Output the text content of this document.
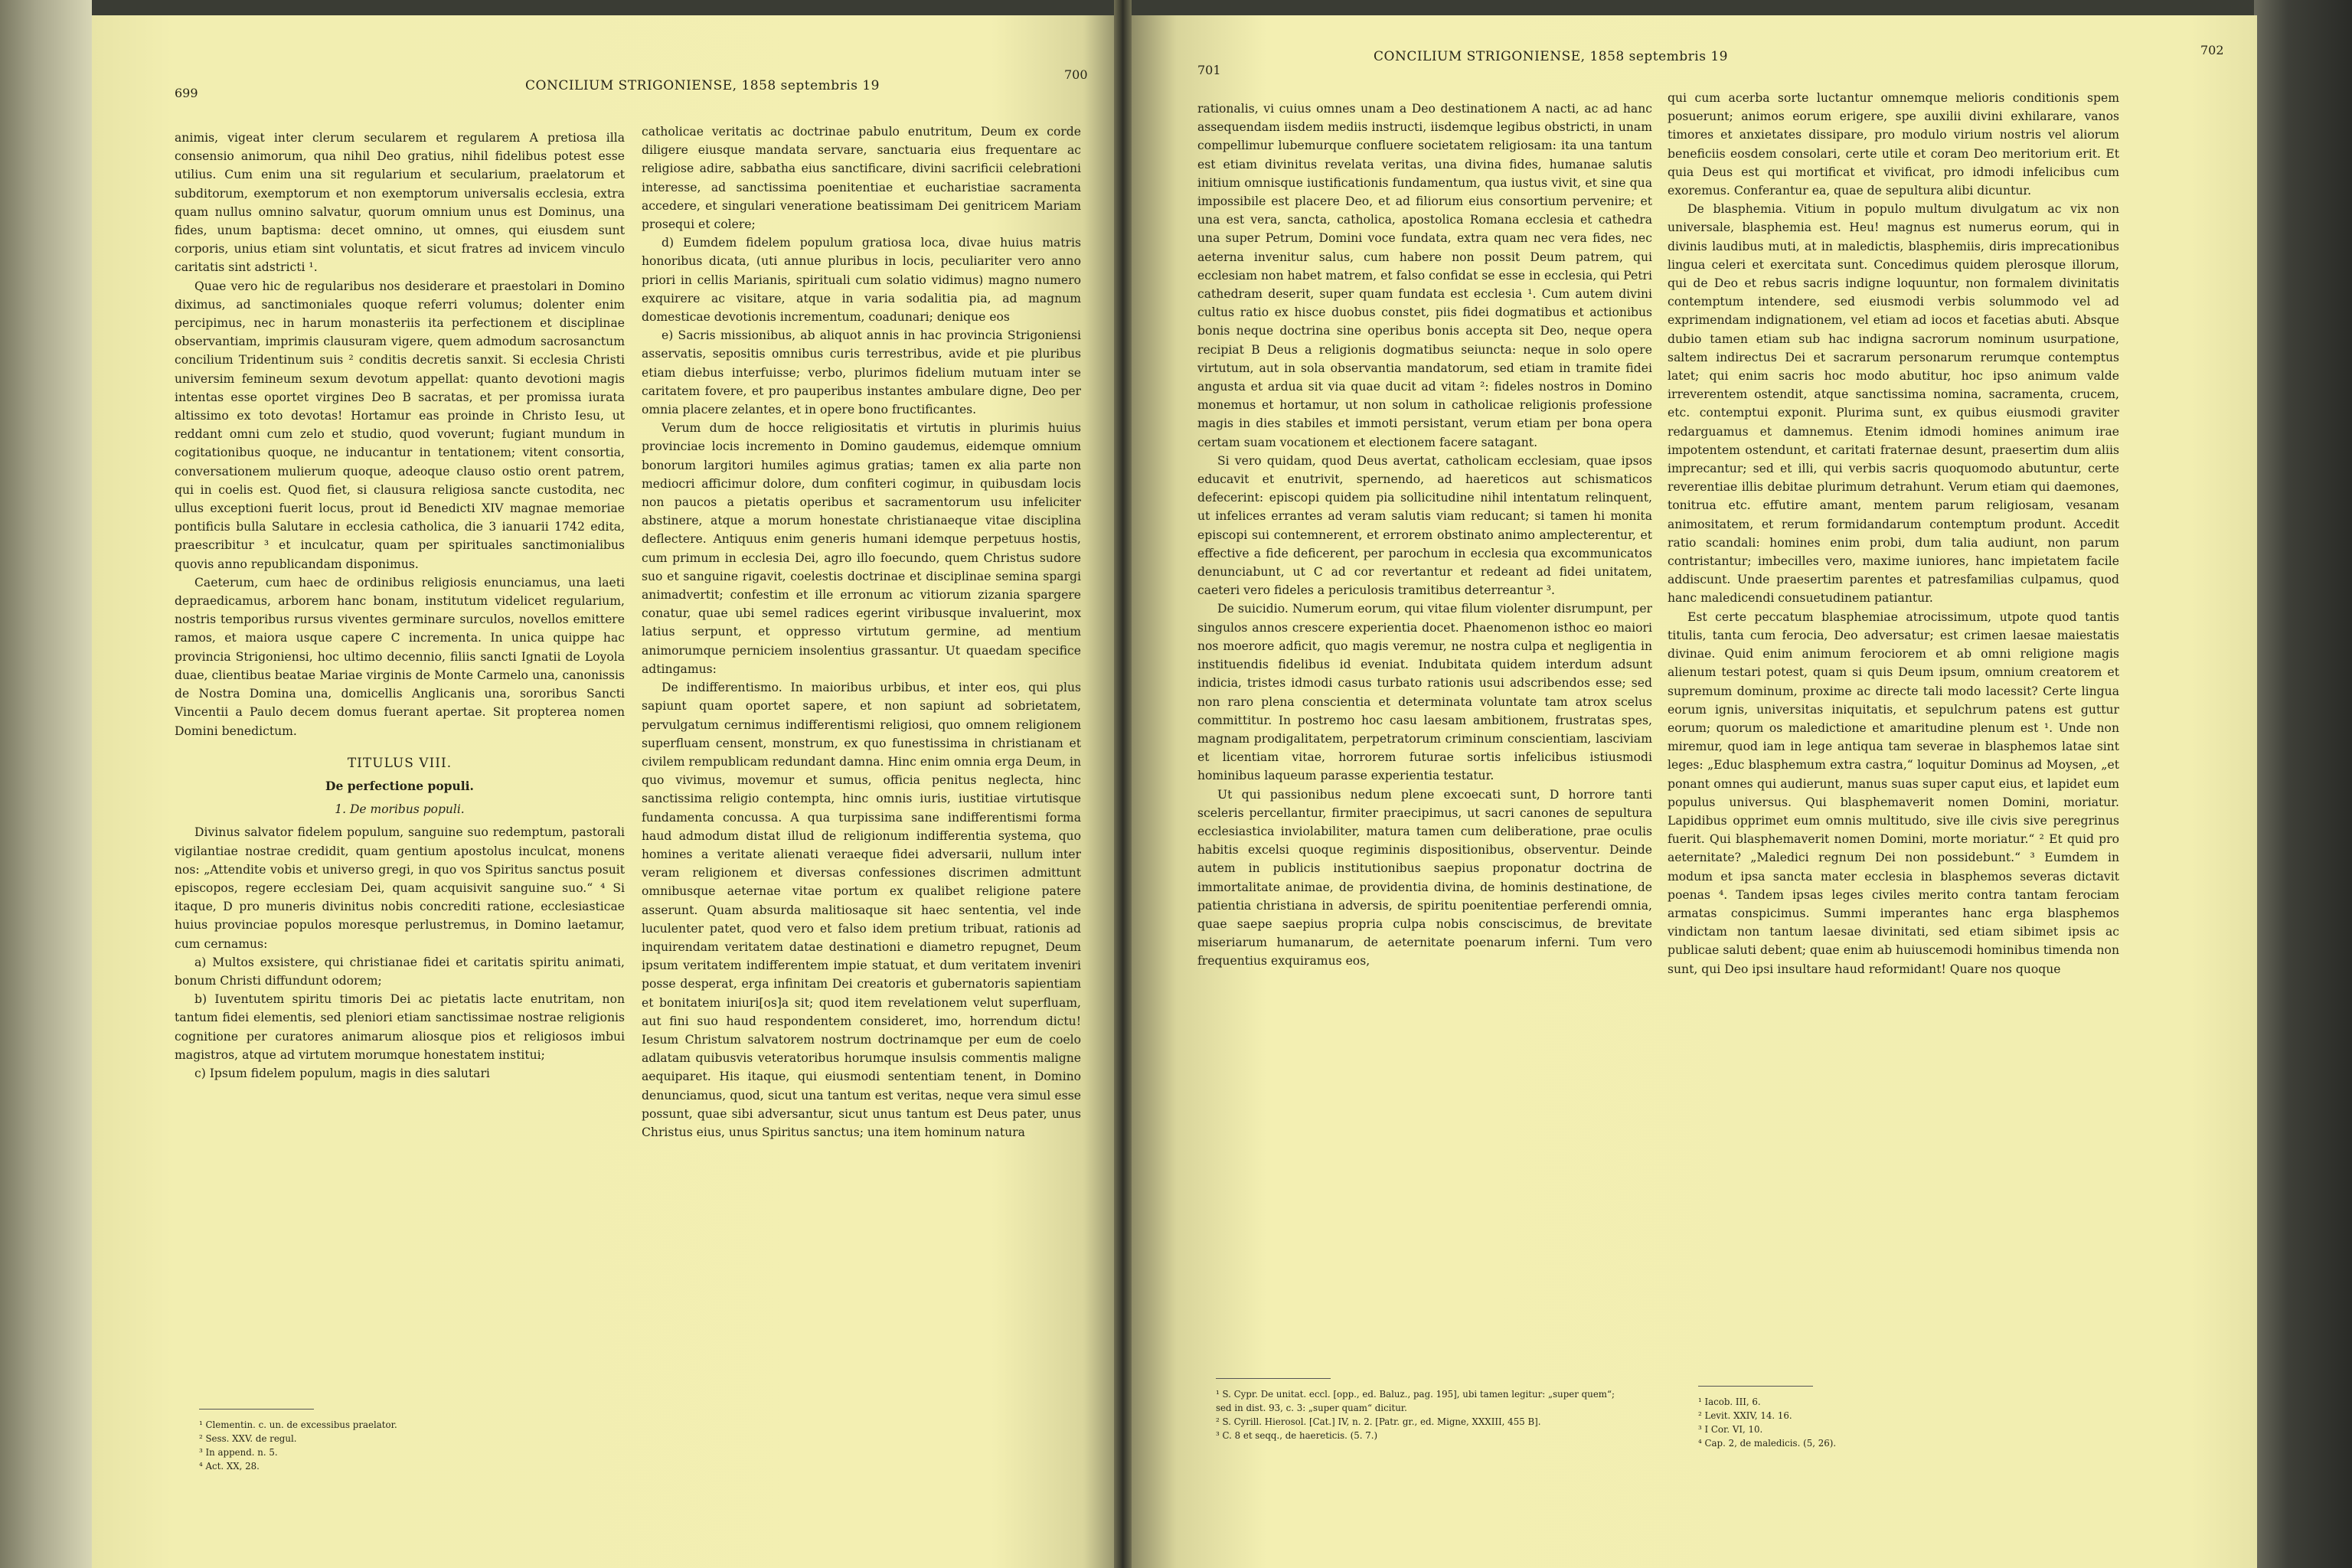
699	CONCILIUM STRIGONIENSE, 1858 septembris 19
700

animis, vigeat inter clerum secularem et regularem A pretiosa illa consensio animorum, qua nihil Deo gratius, nihil fidelibus potest esse utilius. Cum enim una sit regularium et secularium, praelatorum et subditorum, exemptorum et non exemptorum universalis ecclesia, extra quam nullus omnino salvatur, quorum omnium unus est Dominus, una fides, unum baptisma: decet omnino, ut omnes, qui eiusdem sunt corporis, unius etiam sint voluntatis, et sicut fratres ad invicem vinculo caritatis sint adstricti ¹.

Quae vero hic de regularibus nos desiderare et praestolari in Domino diximus, ad sanctimoniales quoque referri volumus; dolenter enim percipimus, nec in harum monasteriis ita perfectionem et disciplinae observantiam, imprimis clausuram vigere, quem admodum sacrosanctum concilium Tridentinum suis ² conditis decretis sanxit. Si ecclesia Christi universim femineum sexum devotum appellat: quanto devotioni magis intentas esse oportet virgines Deo B sacratas, et per promissa iurata altissimo ex toto devotas! Hortamur eas proinde in Christo Iesu, ut reddant omni cum zelo et studio, quod voverunt; fugiant mundum in cogitationibus quoque, ne inducantur in tentationem; vitent consortia, conversationem mulierum quoque, adeoque clauso ostio orent patrem, qui in coelis est. Quod fiet, si clausura religiosa sancte custodita, nec ullus exceptioni fuerit locus, prout id Benedicti XIV magnae memoriae pontificis bulla Salutare in ecclesia catholica, die 3 ianuarii 1742 edita, praescribitur ³ et inculcatur, quam per spirituales sanctimonialibus quovis anno republicandam disponimus.

Caeterum, cum haec de ordinibus religiosis enunciamus, una laeti depraedicamus, arborem hanc bonam, institutum videlicet regularium, nostris temporibus rursus viventes germinare surculos, novellos emittere ramos, et maiora usque capere C incrementa. In unica quippe hac provincia Strigoniensi, hoc ultimo decennio, filiis sancti Ignatii de Loyola duae, clientibus beatae Mariae virginis de Monte Carmelo una, canonissis de Nostra Domina una, domicellis Anglicanis una, sororibus Sancti Vincentii a Paulo decem domus fuerant apertae. Sit propterea nomen Domini benedictum.

TITULUS VIII.
De perfectione populi.
1. De moribus populi.

Divinus salvator fidelem populum, sanguine suo redemptum, pastorali vigilantiae nostrae credidit, quam gentium apostolus inculcat, monens nos: „Attendite vobis et universo gregi, in quo vos Spiritus sanctus posuit episcopos, regere ecclesiam Dei, quam acquisivit sanguine suo.“ ⁴ Si itaque, D pro muneris divinitus nobis concrediti ratione, ecclesiasticae huius provinciae populos moresque perlustremus, in Domino laetamur, cum cernamus:

a) Multos exsistere, qui christianae fidei et caritatis spiritu animati, bonum Christi diffundunt odorem;

b) Iuventutem spiritu timoris Dei ac pietatis lacte enutritam, non tantum fidei elementis, sed pleniori etiam sanctissimae nostrae religionis cognitione per curatores animarum aliosque pios et religiosos imbui magistros, atque ad virtutem morumque honestatem institui;

c) Ipsum fidelem populum, magis in dies salutari

catholicae veritatis ac doctrinae pabulo enutritum, Deum ex corde diligere eiusque mandata servare, sanctuaria eius frequentare ac religiose adire, sabbatha eius sanctificare, divini sacrificii celebrationi interesse, ad sanctissima poenitentiae et eucharistiae sacramenta accedere, et singulari veneratione beatissimam Dei genitricem Mariam prosequi et colere;

d) Eumdem fidelem populum gratiosa loca, divae huius matris honoribus dicata, (uti annue pluribus in locis, peculiariter vero anno priori in cellis Marianis, spirituali cum solatio vidimus) magno numero exquirere ac visitare, atque in varia sodalitia pia, ad magnum domesticae devotionis incrementum, coadunari; denique eos

e) Sacris missionibus, ab aliquot annis in hac provincia Strigoniensi asservatis, sepositis omnibus curis terrestribus, avide et pie pluribus etiam diebus interfuisse; verbo, plurimos fidelium mutuam inter se caritatem fovere, et pro pauperibus instantes ambulare digne, Deo per omnia placere zelantes, et in opere bono fructificantes.

Verum dum de hocce religiositatis et virtutis in plurimis huius provinciae locis incremento in Domino gaudemus, eidemque omnium bonorum largitori humiles agimus gratias; tamen ex alia parte non mediocri afficimur dolore, dum confiteri cogimur, in quibusdam locis non paucos a pietatis operibus et sacramentorum usu infeliciter abstinere, atque a morum honestate christianaeque vitae disciplina deflectere. Antiquus enim generis humani idemque perpetuus hostis, cum primum in ecclesia Dei, agro illo foecundo, quem Christus sudore suo et sanguine rigavit, coelestis doctrinae et disciplinae semina spargi animadvertit; confestim et ille erronum ac vitiorum zizania spargere conatur, quae ubi semel radices egerint viribusque invaluerint, mox latius serpunt, et oppresso virtutum germine, ad mentium animorumque perniciem insolentius grassantur. Ut quaedam specifice adtingamus:

De indifferentismo. In maioribus urbibus, et inter eos, qui plus sapiunt quam oportet sapere, et non sapiunt ad sobrietatem, pervulgatum cernimus indifferentismi religiosi, quo omnem religionem superfluam censent, monstrum, ex quo funestissima in christianam et civilem rempublicam redundant damna. Hinc enim omnia erga Deum, in quo vivimus, movemur et sumus, officia penitus neglecta, hinc sanctissima religio contempta, hinc omnis iuris, iustitiae virtutisque fundamenta concussa. A qua turpissima sane indifferentismi forma haud admodum distat illud de religionum indifferentia systema, quo homines a veritate alienati veraeque fidei adversarii, nullum inter veram religionem et diversas confessiones discrimen admittunt omnibusque aeternae vitae portum ex qualibet religione patere asserunt. Quam absurda malitiosaque sit haec sententia, vel inde luculenter patet, quod vero et falso idem pretium tribuat, rationis ad inquirendam veritatem datae destinationi e diametro repugnet, Deum ipsum veritatem indifferentem impie statuat, et dum veritatem inveniri posse desperat, erga infinitam Dei creatoris et gubernatoris sapientiam et bonitatem iniuri[os]a sit; quod item revelationem velut superfluam, aut fini suo haud respondentem consideret, imo, horrendum dictu! Iesum Christum salvatorem nostrum doctrinamque per eum de coelo adlatam quibusvis veteratoribus horumque insulsis commentis maligne aequiparet. His itaque, qui eiusmodi sententiam tenent, in Domino denunciamus, quod, sicut una tantum est veritas, neque vera simul esse possunt, quae sibi adversantur, sicut unus tantum est Deus pater, unus Christus eius, unus Spiritus sanctus; una item hominum natura

¹ Clementin. c. un. de excessibus praelator.
² Sess. XXV. de regul.
³ In append. n. 5.
⁴ Act. XX, 28.
701
CONCILIUM STRIGONIENSE, 1858 septembris 19	702

rationalis, vi cuius omnes unam a Deo destinationem A nacti, ac ad hanc assequendam iisdem mediis instructi, iisdemque legibus obstricti, in unam compellimur lubemurque confluere societatem religiosam: ita una tantum est etiam divinitus revelata veritas, una divina fides, humanae salutis initium omnisque iustificationis fundamentum, qua iustus vivit, et sine qua impossibile est placere Deo, et ad filiorum eius consortium pervenire; et una est vera, sancta, catholica, apostolica Romana ecclesia et cathedra una super Petrum, Domini voce fundata, extra quam nec vera fides, nec aeterna invenitur salus, cum habere non possit Deum patrem, qui ecclesiam non habet matrem, et falso confidat se esse in ecclesia, qui Petri cathedram deserit, super quam fundata est ecclesia ¹. Cum autem divini cultus ratio ex hisce duobus constet, piis fidei dogmatibus et actionibus bonis neque doctrina sine operibus bonis accepta sit Deo, neque opera recipiat B Deus a religionis dogmatibus seiuncta: neque in solo opere virtutum, aut in sola observantia mandatorum, sed etiam in tramite fidei angusta et ardua sit via quae ducit ad vitam ²: fideles nostros in Domino monemus et hortamur, ut non solum in catholicae religionis professione magis in dies stabiles et immoti persistant, verum etiam per bona opera certam suam vocationem et electionem facere satagant.

Si vero quidam, quod Deus avertat, catholicam ecclesiam, quae ipsos educavit et enutrivit, spernendo, ad haereticos aut schismaticos defecerint: episcopi quidem pia sollicitudine nihil intentatum relinquent, ut infelices errantes ad veram salutis viam reducant; si tamen hi monita episcopi sui contemnerent, et errorem obstinato animo amplecterentur, et effective a fide deficerent, per parochum in ecclesia qua excommunicatos denunciabunt, ut C ad cor revertantur et redeant ad fidei unitatem, caeteri vero fideles a periculosis tramitibus deterreantur ³.

De suicidio. Numerum eorum, qui vitae filum violenter disrumpunt, per singulos annos crescere experientia docet. Phaenomenon isthoc eo maiori nos moerore adficit, quo magis veremur, ne nostra culpa et negligentia in instituendis fidelibus id eveniat. Indubitata quidem interdum adsunt indicia, tristes idmodi casus turbato rationis usui adscribendos esse; sed non raro plena conscientia et determinata voluntate tam atrox scelus committitur. In postremo hoc casu laesam ambitionem, frustratas spes, magnam prodigalitatem, perpetratorum criminum conscientiam, lasciviam et licentiam vitae, horrorem futurae sortis infelicibus istiusmodi hominibus laqueum parasse experientia testatur.

Ut qui passionibus nedum plene excoecati sunt, D horrore tanti sceleris percellantur, firmiter praecipimus, ut sacri canones de sepultura ecclesiastica inviolabiliter, matura tamen cum deliberatione, prae oculis habitis excelsi quoque regiminis dispositionibus, observentur. Deinde autem in publicis institutionibus saepius proponatur doctrina de immortalitate animae, de providentia divina, de hominis destinatione, de patientia christiana in adversis, de spiritu poenitentiae perferendi omnia, quae saepe saepius propria culpa nobis consciscimus, de brevitate miseriarum humanarum, de aeternitate poenarum inferni. Tum vero frequentius exquiramus eos,

qui cum acerba sorte luctantur omnemque melioris conditionis spem posuerunt; animos eorum erigere, spe auxilii divini exhilarare, vanos timores et anxietates dissipare, pro modulo virium nostris vel aliorum beneficiis eosdem consolari, certe utile et coram Deo meritorium erit. Et quia Deus est qui mortificat et vivificat, pro idmodi infelicibus cum exoremus. Conferantur ea, quae de sepultura alibi dicuntur.

De blasphemia. Vitium in populo multum divulgatum ac vix non universale, blasphemia est. Heu! magnus est numerus eorum, qui in divinis laudibus muti, at in maledictis, blasphemiis, diris imprecationibus lingua celeri et exercitata sunt. Concedimus quidem plerosque illorum, qui de Deo et rebus sacris indigne loquuntur, non formalem divinitatis contemptum intendere, sed eiusmodi verbis solummodo vel ad exprimendam indignationem, vel etiam ad iocos et facetias abuti. Absque dubio tamen etiam sub hac indigna sacrorum nominum usurpatione, saltem indirectus Dei et sacrarum personarum rerumque contemptus latet; qui enim sacris hoc modo abutitur, hoc ipso animum valde irreverentem ostendit, atque sanctissima nomina, sacramenta, crucem, etc. contemptui exponit. Plurima sunt, ex quibus eiusmodi graviter redarguamus et damnemus. Etenim idmodi homines animum irae impotentem ostendunt, et caritati fraternae desunt, praesertim dum aliis imprecantur; sed et illi, qui verbis sacris quoquomodo abutuntur, certe reverentiae illis debitae plurimum detrahunt. Verum etiam qui daemones, tonitrua etc. effutire amant, mentem parum religiosam, vesanam animositatem, et rerum formidandarum contemptum produnt. Accedit ratio scandali: homines enim probi, dum talia audiunt, non parum contristantur; imbecilles vero, maxime iuniores, hanc impietatem facile addiscunt. Unde praesertim parentes et patresfamilias culpamus, quod hanc maledicendi consuetudinem patiantur.

Est certe peccatum blasphemiae atrocissimum, utpote quod tantis titulis, tanta cum ferocia, Deo adversatur; est crimen laesae maiestatis divinae. Quid enim animum ferociorem et ab omni religione magis alienum testari potest, quam si quis Deum ipsum, omnium creatorem et supremum dominum, proxime ac directe tali modo lacessit? Certe lingua eorum ignis, universitas iniquitatis, et sepulchrum patens est guttur eorum; quorum os maledictione et amaritudine plenum est ¹. Unde non miremur, quod iam in lege antiqua tam severae in blasphemos latae sint leges: „Educ blasphemum extra castra,“ loquitur Dominus ad Moysen, „et ponant omnes qui audierunt, manus suas super caput eius, et lapidet eum populus universus. Qui blasphemaverit nomen Domini, moriatur. Lapidibus opprimet eum omnis multitudo, sive ille civis sive peregrinus fuerit. Qui blasphemaverit nomen Domini, morte moriatur.“ ² Et quid pro aeternitate? „Maledici regnum Dei non possidebunt.“ ³ Eumdem in modum et ipsa sancta mater ecclesia in blasphemos severas dictavit poenas ⁴. Tandem ipsas leges civiles merito contra tantam ferociam armatas conspicimus. Summi imperantes hanc erga blasphemos vindictam non tantum laesae divinitati, sed etiam sibimet ipsis ac publicae saluti debent; quae enim ab huiuscemodi hominibus timenda non sunt, qui Deo ipsi insultare haud reformidant! Quare nos quoque

¹ S. Cypr. De unitat. eccl. [opp., ed. Baluz., pag. 195], ubi tamen legitur: „super quem“; sed in dist. 93, c. 3: „super quam“ dicitur.
² S. Cyrill. Hierosol. [Cat.] IV, n. 2. [Patr. gr., ed. Migne, XXXIII, 455 B].
³ C. 8 et seqq., de haereticis. (5. 7.)
¹ Iacob. III, 6.
² Levit. XXIV, 14. 16.
³ I Cor. VI, 10.
⁴ Cap. 2, de maledicis. (5, 26).
